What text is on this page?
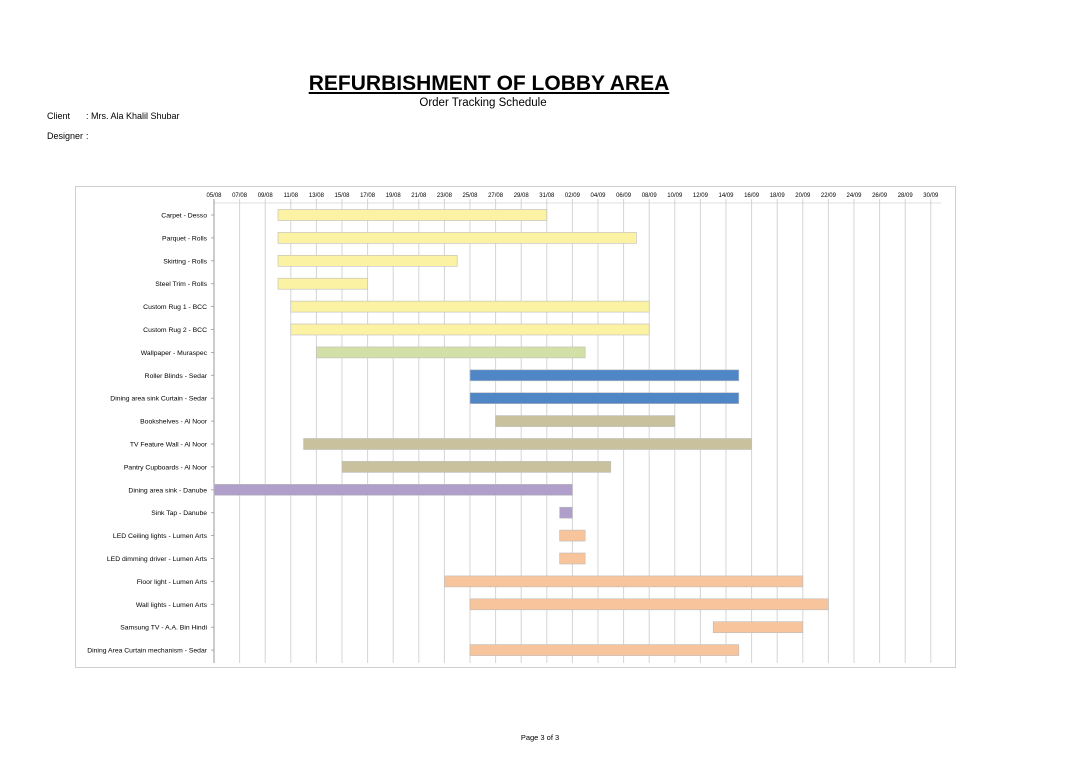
REFURBISHMENT OF LOBBY AREA
Order Tracking Schedule
Client : Mrs. Ala Khalil Shubar
Designer :
05/08 07/08 09/08 11/08 13/08 15/08 17/08 19/08 21/08 23/08 25/08 27/08 29/08 31/08 02/09 04/09 06/09 08/09 10/09 12/09 14/09 16/09 18/09 20/09 22/09 24/09 26/09 28/09 30/09
Carpet - Desso
Parquet - Rolls
Skirting - Rolls
Steel Trim - Rolls
Custom Rug 1 - BCC
Custom Rug 2 - BCC
Wallpaper - Muraspec
Roller Blinds - Sedar
Dining area sink Curtain - Sedar
Bookshelves - Al Noor
TV Feature Wall - Al Noor
Pantry Cupboards - Al Noor
Dining area sink - Danube
Sink Tap - Danube
LED Ceiling lights - Lumen Arts
LED dimming driver - Lumen Arts
Floor light - Lumen Arts
Wall lights - Lumen Arts
Samsung TV - A.A. Bin Hindi
Dining Area Curtain mechanism - Sedar
Page 3 of 3
